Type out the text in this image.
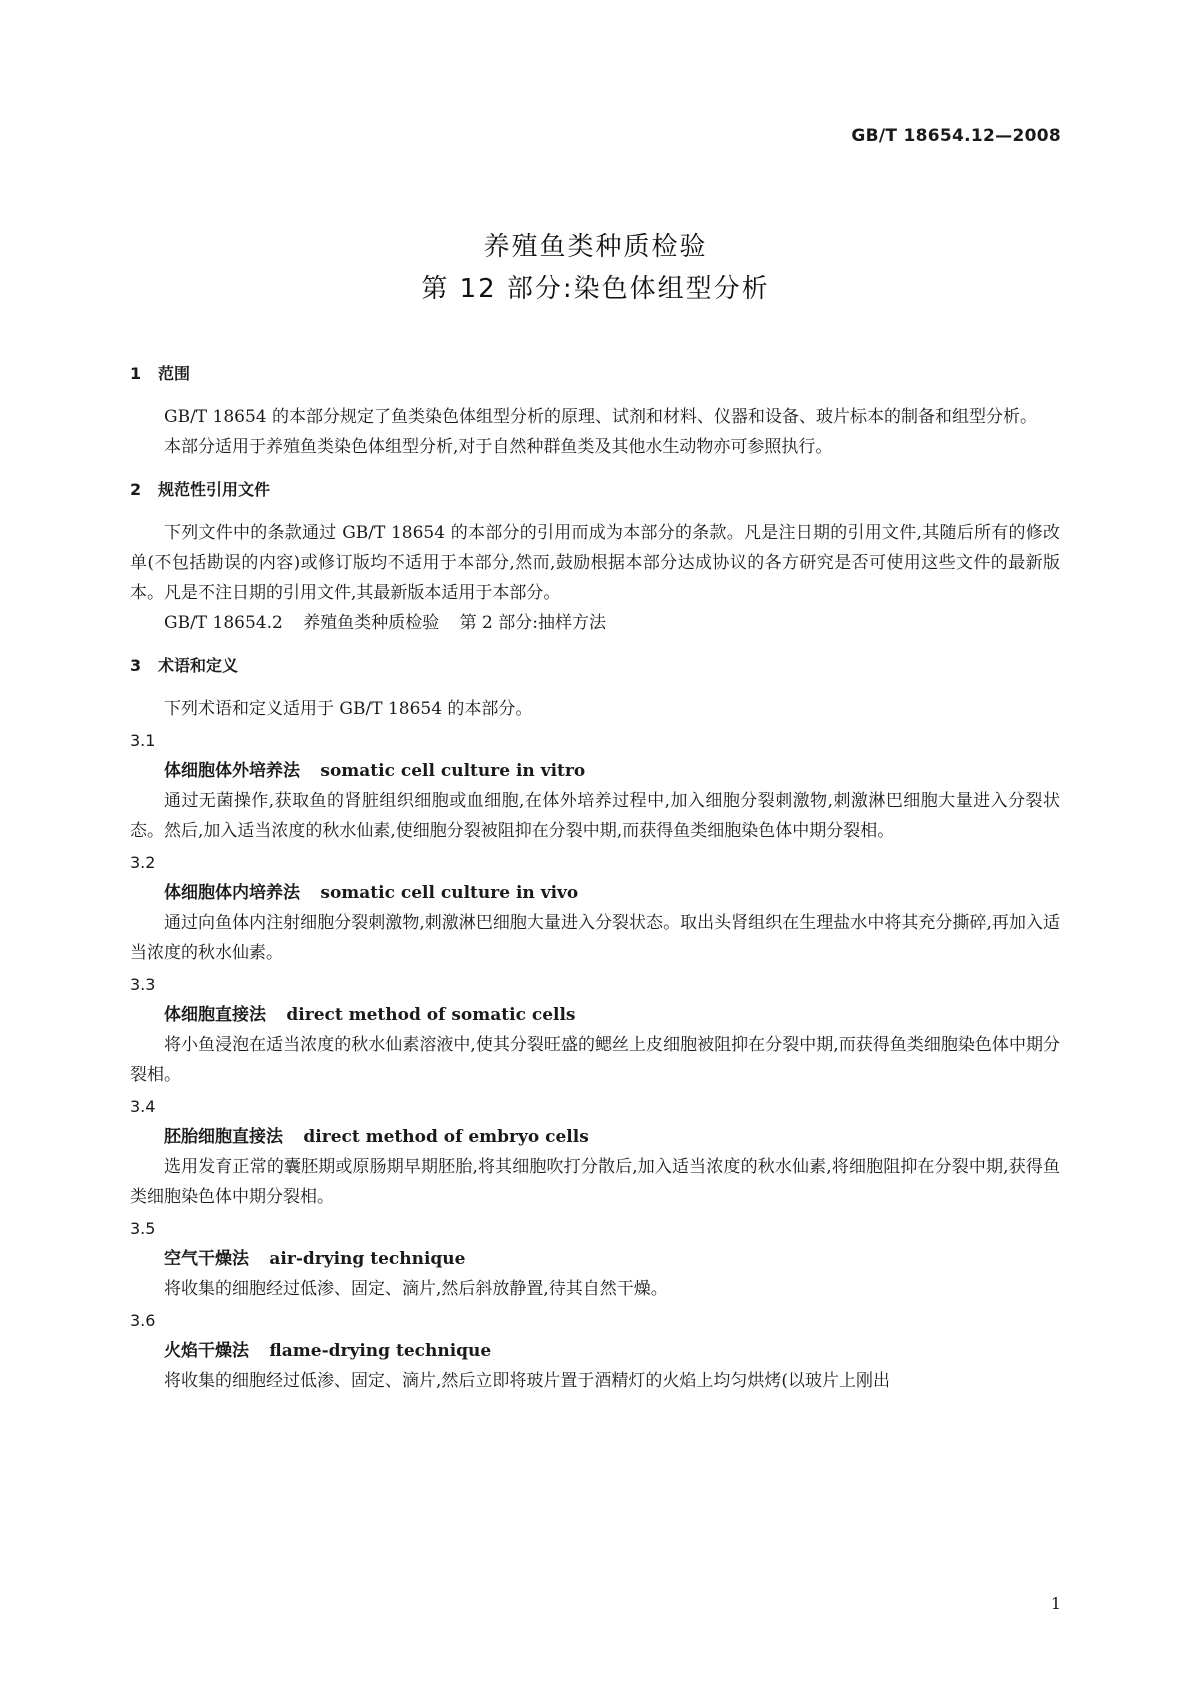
GB/T 18654.12—2008
养殖鱼类种质检验
第 12 部分:染色体组型分析
1 范围

GB/T 18654 的本部分规定了鱼类染色体组型分析的原理、试剂和材料、仪器和设备、玻片标本的制备和组型分析。

本部分适用于养殖鱼类染色体组型分析,对于自然种群鱼类及其他水生动物亦可参照执行。

2 规范性引用文件

下列文件中的条款通过 GB/T 18654 的本部分的引用而成为本部分的条款。凡是注日期的引用文件,其随后所有的修改单(不包括勘误的内容)或修订版均不适用于本部分,然而,鼓励根据本部分达成协议的各方研究是否可使用这些文件的最新版本。凡是不注日期的引用文件,其最新版本适用于本部分。

GB/T 18654.2 养殖鱼类种质检验 第 2 部分:抽样方法

3 术语和定义

下列术语和定义适用于 GB/T 18654 的本部分。

3.1
体细胞体外培养法 somatic cell culture in vitro

通过无菌操作,获取鱼的肾脏组织细胞或血细胞,在体外培养过程中,加入细胞分裂刺激物,刺激淋巴细胞大量进入分裂状态。然后,加入适当浓度的秋水仙素,使细胞分裂被阻抑在分裂中期,而获得鱼类细胞染色体中期分裂相。

3.2
体细胞体内培养法 somatic cell culture in vivo

通过向鱼体内注射细胞分裂刺激物,刺激淋巴细胞大量进入分裂状态。取出头肾组织在生理盐水中将其充分撕碎,再加入适当浓度的秋水仙素。

3.3
体细胞直接法 direct method of somatic cells

将小鱼浸泡在适当浓度的秋水仙素溶液中,使其分裂旺盛的鳃丝上皮细胞被阻抑在分裂中期,而获得鱼类细胞染色体中期分裂相。

3.4
胚胎细胞直接法 direct method of embryo cells

选用发育正常的囊胚期或原肠期早期胚胎,将其细胞吹打分散后,加入适当浓度的秋水仙素,将细胞阻抑在分裂中期,获得鱼类细胞染色体中期分裂相。

3.5
空气干燥法 air-drying technique

将收集的细胞经过低渗、固定、滴片,然后斜放静置,待其自然干燥。

3.6
火焰干燥法 flame-drying technique

将收集的细胞经过低渗、固定、滴片,然后立即将玻片置于酒精灯的火焰上均匀烘烤(以玻片上刚出

1
